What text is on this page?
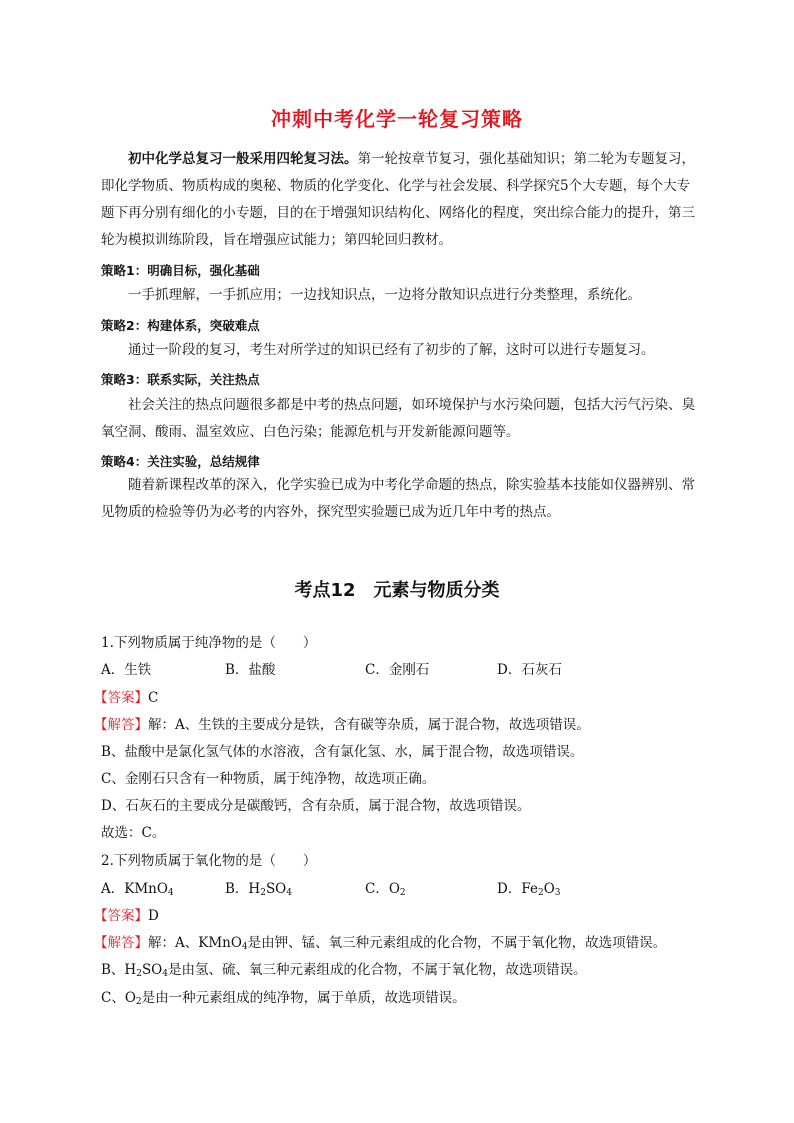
冲刺中考化学一轮复习策略
初中化学总复习一般采用四轮复习法。第一轮按章节复习，强化基础知识；第二轮为专题复习，即化学物质、物质构成的奥秘、物质的化学变化、化学与社会发展、科学探究5个大专题，每个大专题下再分别有细化的小专题，目的在于增强知识结构化、网络化的程度，突出综合能力的提升，第三轮为模拟训练阶段，旨在增强应试能力；第四轮回归教材。
策略1：明确目标，强化基础
一手抓理解，一手抓应用；一边找知识点，一边将分散知识点进行分类整理，系统化。
策略2：构建体系，突破难点
通过一阶段的复习，考生对所学过的知识已经有了初步的了解，这时可以进行专题复习。
策略3：联系实际，关注热点
社会关注的热点问题很多都是中考的热点问题，如环境保护与水污染问题，包括大污气污染、臭氧空洞、酸雨、温室效应、白色污染；能源危机与开发新能源问题等。
策略4：关注实验，总结规律
随着新课程改革的深入，化学实验已成为中考化学命题的热点，除实验基本技能如仪器辨别、常见物质的检验等仍为必考的内容外，探究型实验题已成为近几年中考的热点。
考点12 元素与物质分类
1.下列物质属于纯净物的是（　　）
A．生铁	B．盐酸	C．金刚石	D．石灰石
【答案】C
【解答】解：A、生铁的主要成分是铁，含有碳等杂质，属于混合物，故选项错误。
B、盐酸中是氯化氢气体的水溶液，含有氯化氢、水，属于混合物，故选项错误。
C、金刚石只含有一种物质，属于纯净物，故选项正确。
D、石灰石的主要成分是碳酸钙，含有杂质，属于混合物，故选项错误。
故选：C。
2.下列物质属于氧化物的是（　　）
A．KMnO$_4$	B．$H_2SO_4$	C．$O_2$	D．$Fe_2O_3$
【答案】D
【解答】解：A、KMnO$_4$是由钾、锰、氧三种元素组成的化合物，不属于氧化物，故选项错误。
B、$H_2SO_4$是由氢、硫、氧三种元素组成的化合物，不属于氧化物，故选项错误。
C、$O_2$是由一种元素组成的纯净物，属于单质，故选项错误。
